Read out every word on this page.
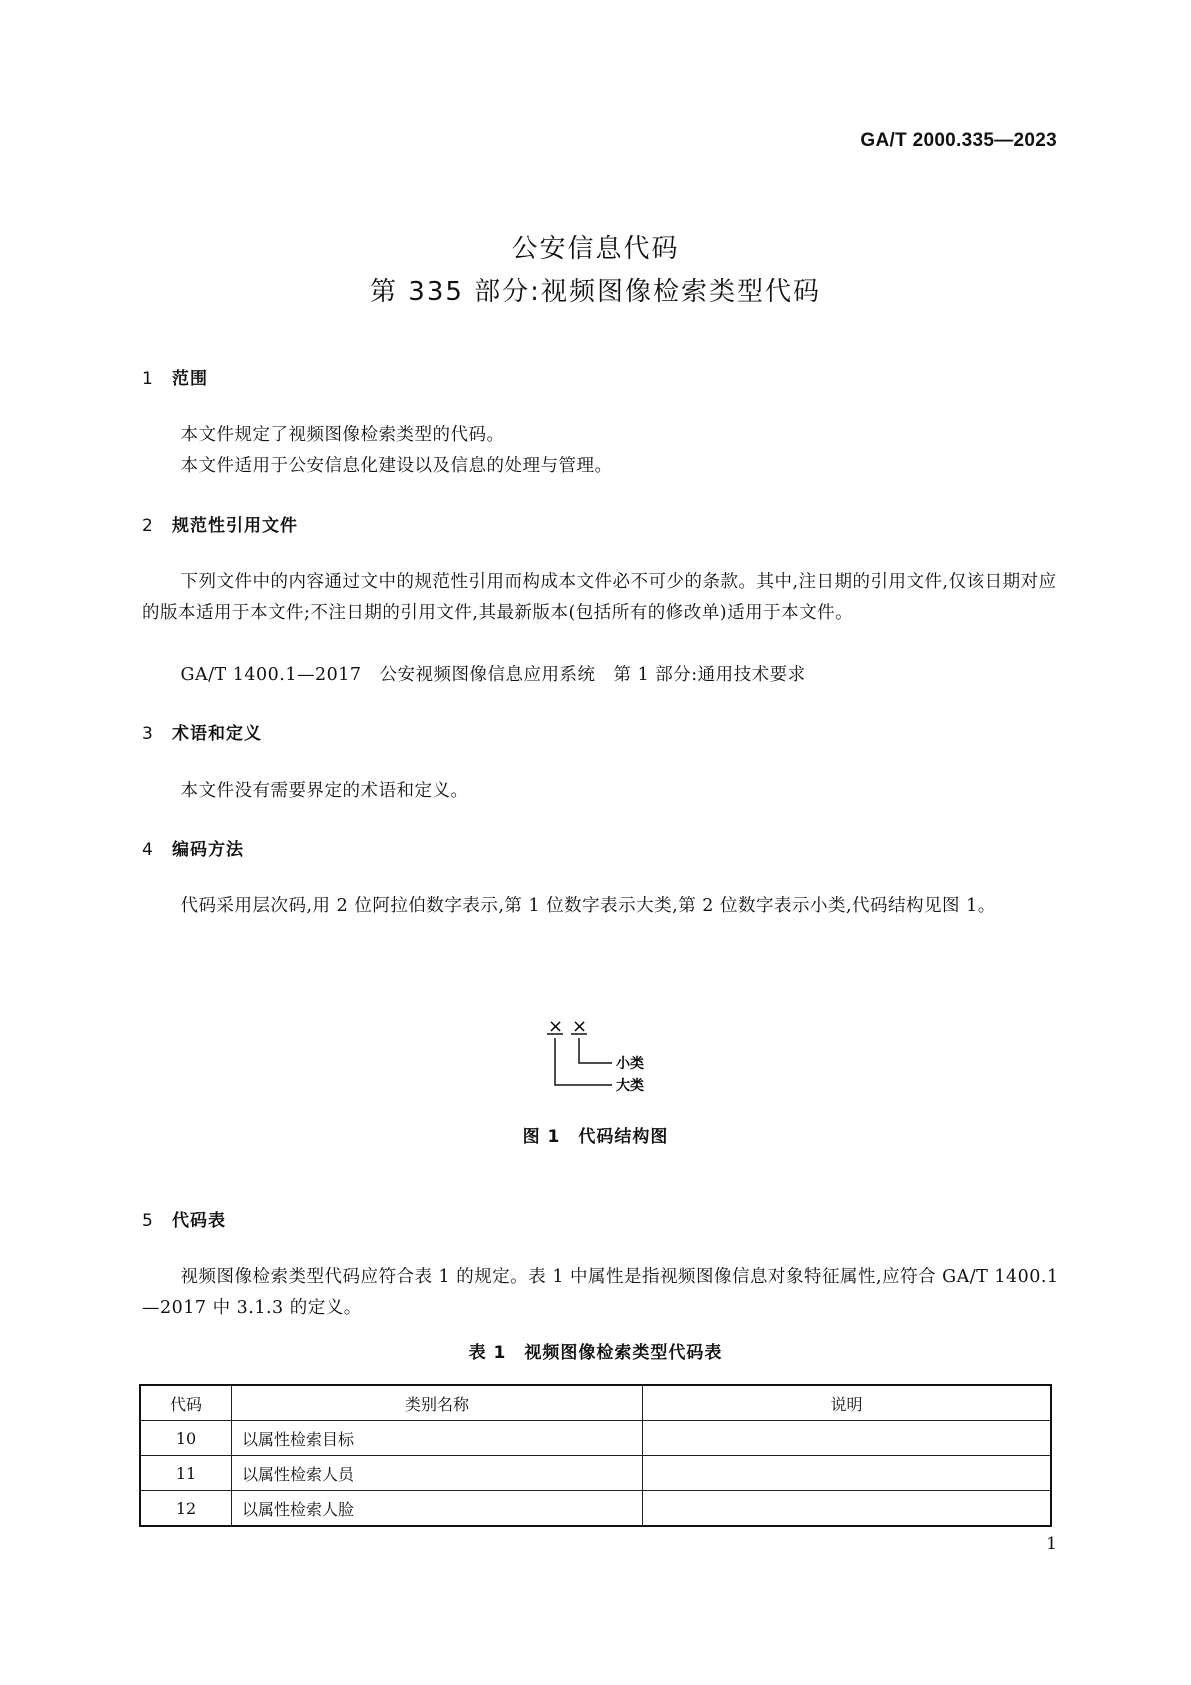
GA/T 2000.335—2023
公安信息代码
第 335 部分:视频图像检索类型代码
1 范围
本文件规定了视频图像检索类型的代码。
本文件适用于公安信息化建设以及信息的处理与管理。
2 规范性引用文件
下列文件中的内容通过文中的规范性引用而构成本文件必不可少的条款。其中,注日期的引用文件,仅该日期对应的版本适用于本文件;不注日期的引用文件,其最新版本(包括所有的修改单)适用于本文件。
GA/T 1400.1—2017　公安视频图像信息应用系统　第 1 部分:通用技术要求
3 术语和定义
本文件没有需要界定的术语和定义。
4 编码方法
代码采用层次码,用 2 位阿拉伯数字表示,第 1 位数字表示大类,第 2 位数字表示小类,代码结构见图 1。
× ×
小类
大类
图 1　代码结构图
5 代码表
视频图像检索类型代码应符合表 1 的规定。表 1 中属性是指视频图像信息对象特征属性,应符合 GA/T 1400.1—2017 中 3.1.3 的定义。
表 1　视频图像检索类型代码表
代码	类别名称	说明
10	以属性检索目标	
11	以属性检索人员	
12	以属性检索人脸	
1
